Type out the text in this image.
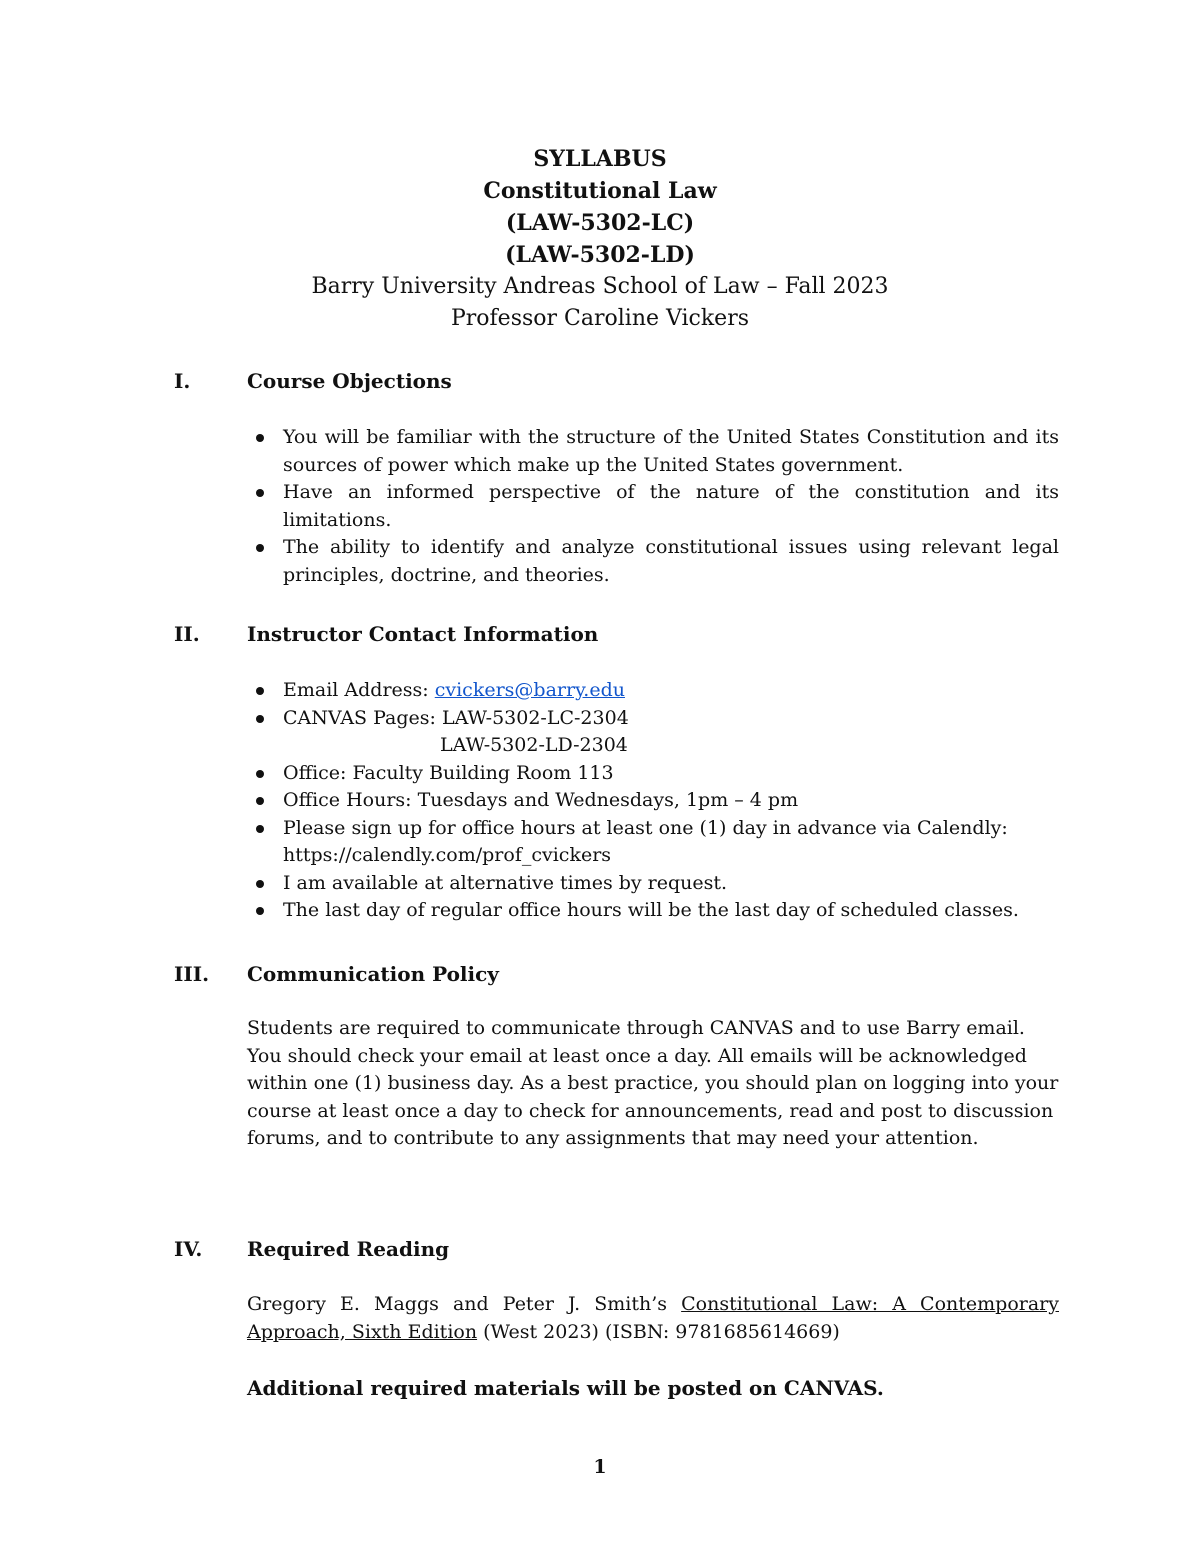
SYLLABUS
Constitutional Law
(LAW-5302-LC)
(LAW-5302-LD)
Barry University Andreas School of Law – Fall 2023
Professor Caroline Vickers
I.	Course Objections
You will be familiar with the structure of the United States Constitution and its sources of power which make up the United States government.
Have an informed perspective of the nature of the constitution and its limitations.
The ability to identify and analyze constitutional issues using relevant legal principles, doctrine, and theories.
II. Instructor Contact Information
Email Address: cvickers@barry.edu
CANVAS Pages: LAW-5302-LC-2304
LAW-5302-LD-2304
Office: Faculty Building Room 113
Office Hours: Tuesdays and Wednesdays, 1pm – 4 pm
Please sign up for office hours at least one (1) day in advance via Calendly: https://calendly.com/prof_cvickers
I am available at alternative times by request.
The last day of regular office hours will be the last day of scheduled classes.
III. Communication Policy
Students are required to communicate through CANVAS and to use Barry email. You should check your email at least once a day. All emails will be acknowledged within one (1) business day. As a best practice, you should plan on logging into your course at least once a day to check for announcements, read and post to discussion forums, and to contribute to any assignments that may need your attention.
IV. Required Reading
Gregory E. Maggs and Peter J. Smith’s Constitutional Law: A Contemporary Approach, Sixth Edition (West 2023) (ISBN: 9781685614669)
Additional required materials will be posted on CANVAS.
1
